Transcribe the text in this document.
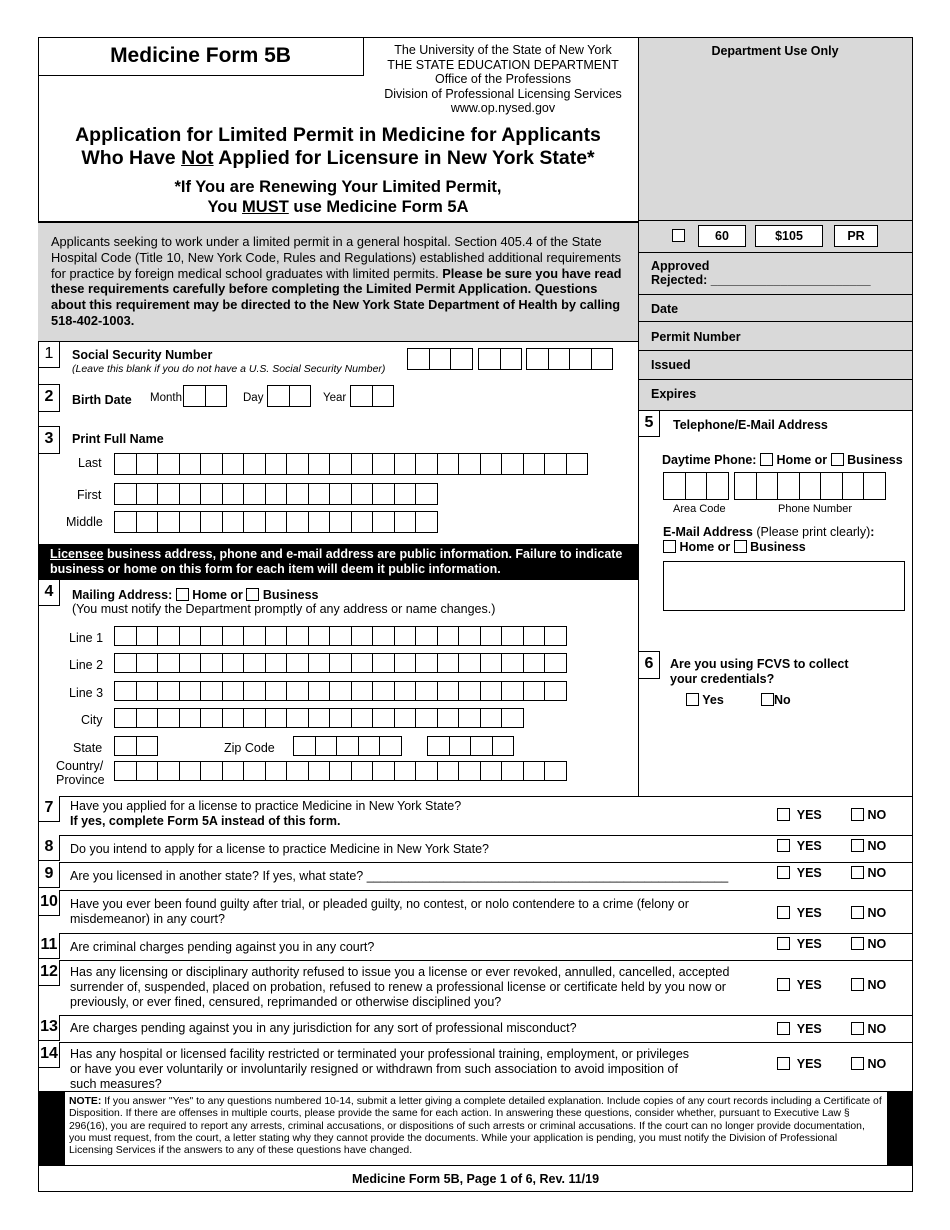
Medicine Form 5B	The University of the State of New York
THE STATE EDUCATION DEPARTMENT
Office of the Professions
Division of Professional Licensing Services
www.op.nysed.gov
Application for Limited Permit in Medicine for Applicants
Who Have Not Applied for Licensure in New York State*
*If You are Renewing Your Limited Permit,
You MUST use Medicine Form 5A
Department Use Only
60	$105	PR
Approved
Rejected: _______________________
Date
Permit Number
Issued
Expires
Applicants seeking to work under a limited permit in a general hospital. Section 405.4 of the State Hospital Code (Title 10, New York Code, Rules and Regulations) established additional requirements for practice by foreign medical school graduates with limited permits. Please be sure you have read these requirements carefully before completing the Limited Permit Application. Questions about this requirement may be directed to the New York State Department of Health by calling 518-402-1003.
1	Social Security Number
(Leave this blank if you do not have a U.S. Social Security Number)
2	Birth Date Month	Day	Year
3	Print Full Name
Last
First
Middle
Licensee business address, phone and e-mail address are public information. Failure to indicate business or home on this form for each item will deem it public information.
4	Mailing Address: Home or Business
(You must notify the Department promptly of any address or name changes.)
Line 1
Line 2
Line 3
City
State	Zip Code
Country/
Province
5	Telephone/E-Mail Address
Daytime Phone: Home or Business
Area Code	Phone Number
E-Mail Address (Please print clearly):
Home or Business
6	Are you using FCVS to collect
your credentials?
Yes	No
7	Have you applied for a license to practice Medicine in New York State?
If yes, complete Form 5A instead of this form.	YES	NO
8	Do you intend to apply for a license to practice Medicine in New York State?	YES	NO
9	Are you licensed in another state? If yes, what state? ____________________________________________________	YES	NO
10 Have you ever been found guilty after trial, or pleaded guilty, no contest, or nolo contendere to a crime (felony or misdemeanor) in any court?	YES	NO
11 Are criminal charges pending against you in any court?	YES	NO
12 Has any licensing or disciplinary authority refused to issue you a license or ever revoked, annulled, cancelled, accepted surrender of, suspended, placed on probation, refused to renew a professional license or certificate held by you now or previously, or ever fined, censured, reprimanded or otherwise disciplined you?
YES	NO
13 Are charges pending against you in any jurisdiction for any sort of professional misconduct?	YES	NO
14 Has any hospital or licensed facility restricted or terminated your professional training, employment, or privileges or have you ever voluntarily or involuntarily resigned or withdrawn from such association to avoid imposition of such measures?
YES	NO
NOTE: If you answer "Yes" to any questions numbered 10-14, submit a letter giving a complete detailed explanation. Include copies of any court records including a Certificate of Disposition. If there are offenses in multiple courts, please provide the same for each action. In answering these questions, consider whether, pursuant to Executive Law § 296(16), you are required to report any arrests, criminal accusations, or dispositions of such arrests or criminal accusations. If the court can no longer provide documentation, you must request, from the court, a letter stating why they cannot provide the documents. While your application is pending, you must notify the Division of Professional Licensing Services if the answers to any of these questions have changed.
Medicine Form 5B, Page 1 of 6, Rev. 11/19
